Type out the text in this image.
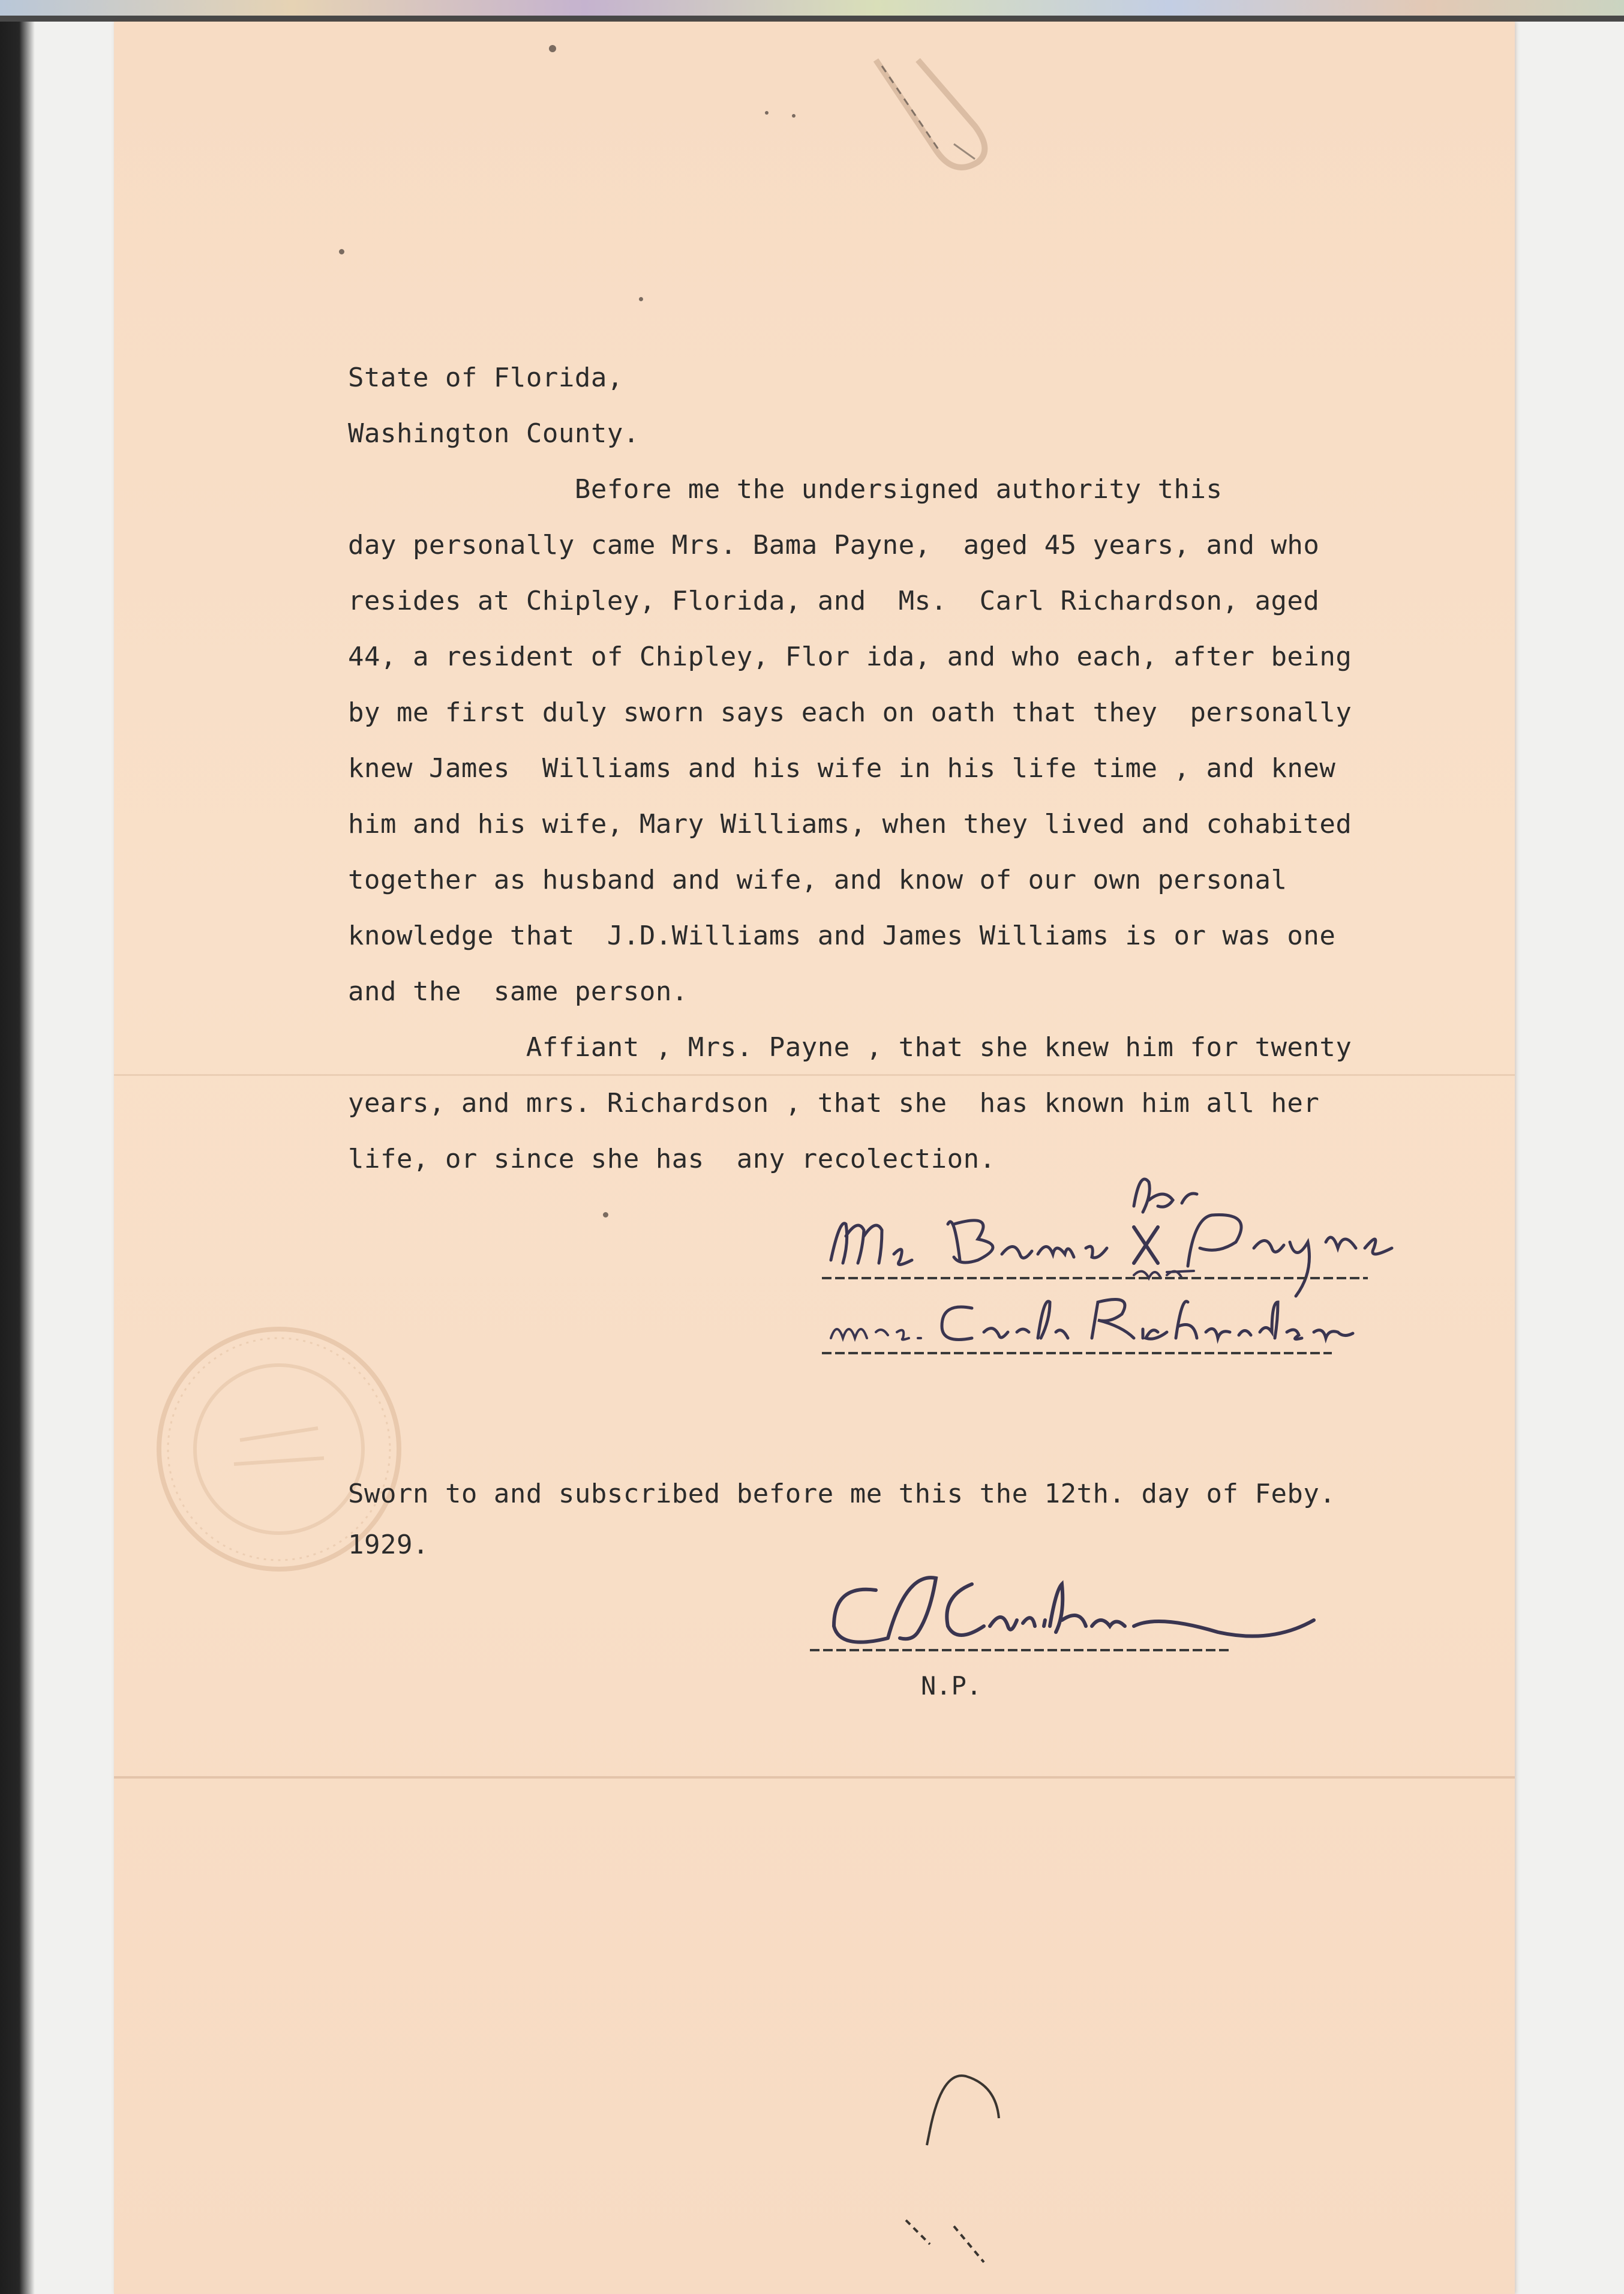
State of Florida,
Washington County.
Before me the undersigned authority this
day personally came Mrs. Bama Payne,  aged 45 years, and who
resides at Chipley, Florida, and  Ms.  Carl Richardson, aged
44, a resident of Chipley, Flor ida, and who each, after being
by me first duly sworn says each on oath that they  personally
knew James  Williams and his wife in his life time , and knew
him and his wife, Mary Williams, when they lived and cohabited
together as husband and wife, and know of our own personal
knowledge that  J.D.Williams and James Williams is or was one
and the  same person.
Affiant , Mrs. Payne , that she knew him for twenty
years, and mrs. Richardson , that she  has known him all her
life, or since she has  any recolection.
Sworn to and subscribed before me this the 12th. day of Feby.
1929.
N.P.
